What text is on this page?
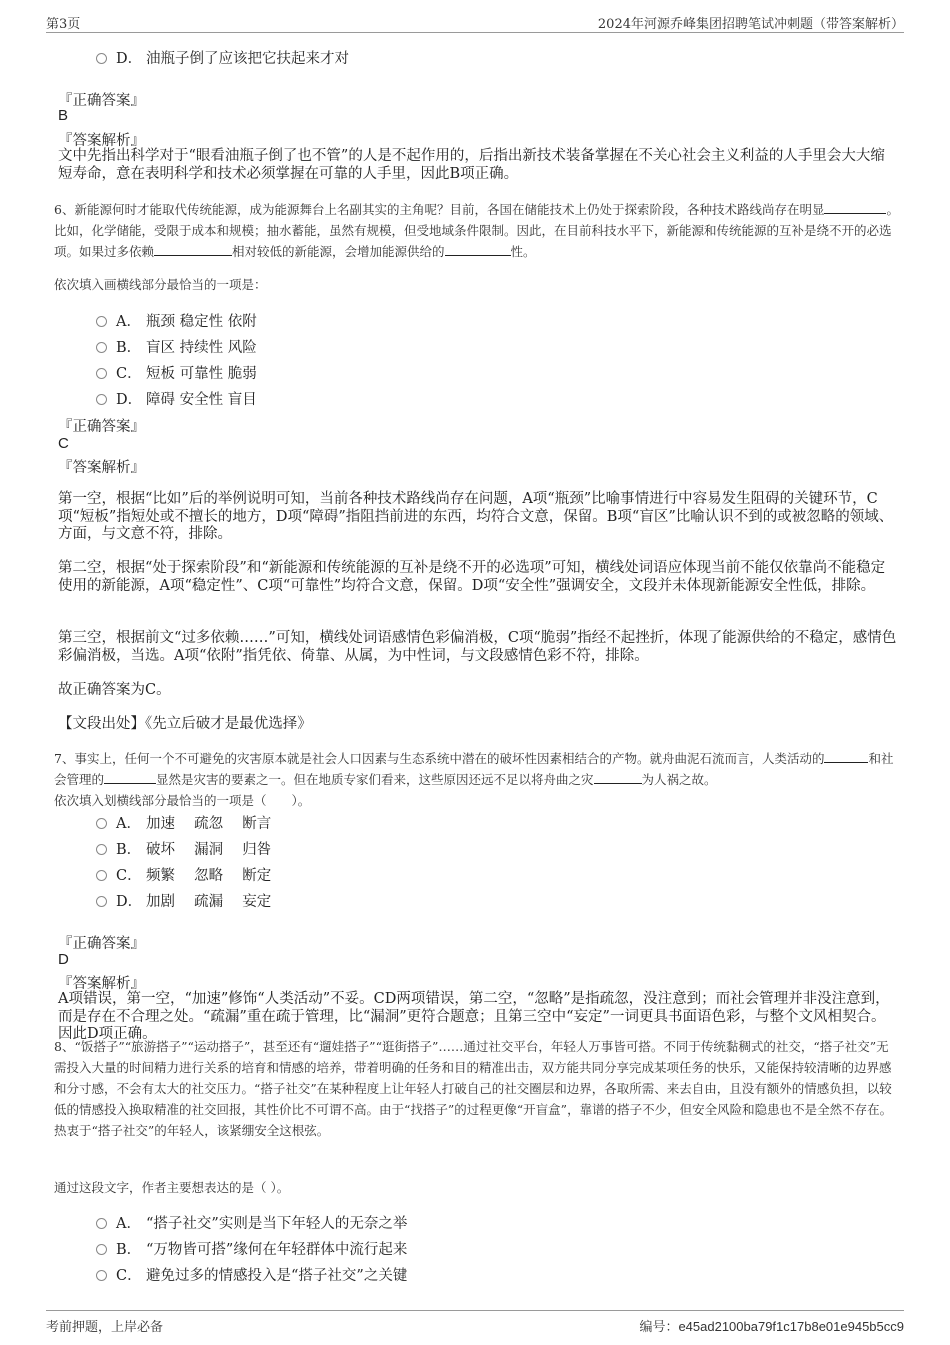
第3页	2024年河源乔峰集团招聘笔试冲刺题（带答案解析）
D． 油瓶子倒了应该把它扶起来才对
『正确答案』
B
『答案解析』
文中先指出科学对于“眼看油瓶子倒了也不管”的人是不起作用的，后指出新技术装备掌握在不关心社会主义利益的人手里会大大缩短寿命，意在表明科学和技术必须掌握在可靠的人手里，因此B项正确。
6、新能源何时才能取代传统能源，成为能源舞台上名副其实的主角呢？目前，各国在储能技术上仍处于探索阶段，各种技术路线尚存在明显	。比如，化学储能，受限于成本和规模；抽水蓄能，虽然有规模，但受地域条件限制。因此，在目前科技水平下，新能源和传统能源的互补是绕不开的必选项。如果过多依赖	相对较低的新能源，会增加能源供给的	性。
依次填入画横线部分最恰当的一项是：
A． 瓶颈 稳定性 依附
B． 盲区 持续性 风险
C． 短板 可靠性 脆弱
D． 障碍 安全性 盲目
『正确答案』
C
『答案解析』
第一空，根据“比如”后的举例说明可知，当前各种技术路线尚存在问题，A项“瓶颈”比喻事情进行中容易发生阻碍的关键环节，C项“短板”指短处或不擅长的地方，D项“障碍”指阻挡前进的东西，均符合文意，保留。B项“盲区”比喻认识不到的或被忽略的领域、方面，与文意不符，排除。
第二空，根据“处于探索阶段”和“新能源和传统能源的互补是绕不开的必选项”可知，横线处词语应体现当前不能仅依靠尚不能稳定使用的新能源，A项“稳定性”、C项“可靠性”均符合文意，保留。D项“安全性”强调安全，文段并未体现新能源安全性低，排除。
第三空，根据前文“过多依赖……”可知，横线处词语感情色彩偏消极，C项“脆弱”指经不起挫折，体现了能源供给的不稳定，感情色彩偏消极，当选。A项“依附”指凭依、倚靠、从属，为中性词，与文段感情色彩不符，排除。
故正确答案为C。
【文段出处】《先立后破才是最优选择》
7、事实上，任何一个不可避免的灾害原本就是社会人口因素与生态系统中潜在的破坏性因素相结合的产物。就舟曲泥石流而言，人类活动的	和社会管理的	显然是灾害的要素之一。但在地质专家们看来，这些原因还远不足以将舟曲之灾	为人祸之故。
依次填入划横线部分最恰当的一项是（　　）。
A． 加速　 疏忽　 断言
B． 破坏　 漏洞　 归咎
C． 频繁　 忽略　 断定
D． 加剧　 疏漏　 妄定
『正确答案』
D
『答案解析』
A项错误，第一空，“加速”修饰“人类活动”不妥。CD两项错误，第二空，“忽略”是指疏忽，没注意到；而社会管理并非没注意到，而是存在不合理之处。“疏漏”重在疏于管理，比“漏洞”更符合题意；且第三空中“妄定”一词更具书面语色彩，与整个文风相契合。因此D项正确。
8、“饭搭子”“旅游搭子”“运动搭子”，甚至还有“遛娃搭子”“逛街搭子”……通过社交平台，年轻人万事皆可搭。不同于传统黏稠式的社交，“搭子社交”无需投入大量的时间精力进行关系的培育和情感的培养，带着明确的任务和目的精准出击，双方能共同分享完成某项任务的快乐，又能保持较清晰的边界感和分寸感，不会有太大的社交压力。“搭子社交”在某种程度上让年轻人打破自己的社交圈层和边界，各取所需、来去自由，且没有额外的情感负担，以较低的情感投入换取精准的社交回报，其性价比不可谓不高。由于“找搭子”的过程更像“开盲盒”，靠谱的搭子不少，但安全风险和隐患也不是全然不存在。热衷于“搭子社交”的年轻人，该紧绷安全这根弦。
通过这段文字，作者主要想表达的是（ ）。
A． “搭子社交”实则是当下年轻人的无奈之举
B． “万物皆可搭”缘何在年轻群体中流行起来
C． 避免过多的情感投入是“搭子社交”之关键
考前押题，上岸必备	编号：e45ad2100ba79f1c17b8e01e945b5cc9
